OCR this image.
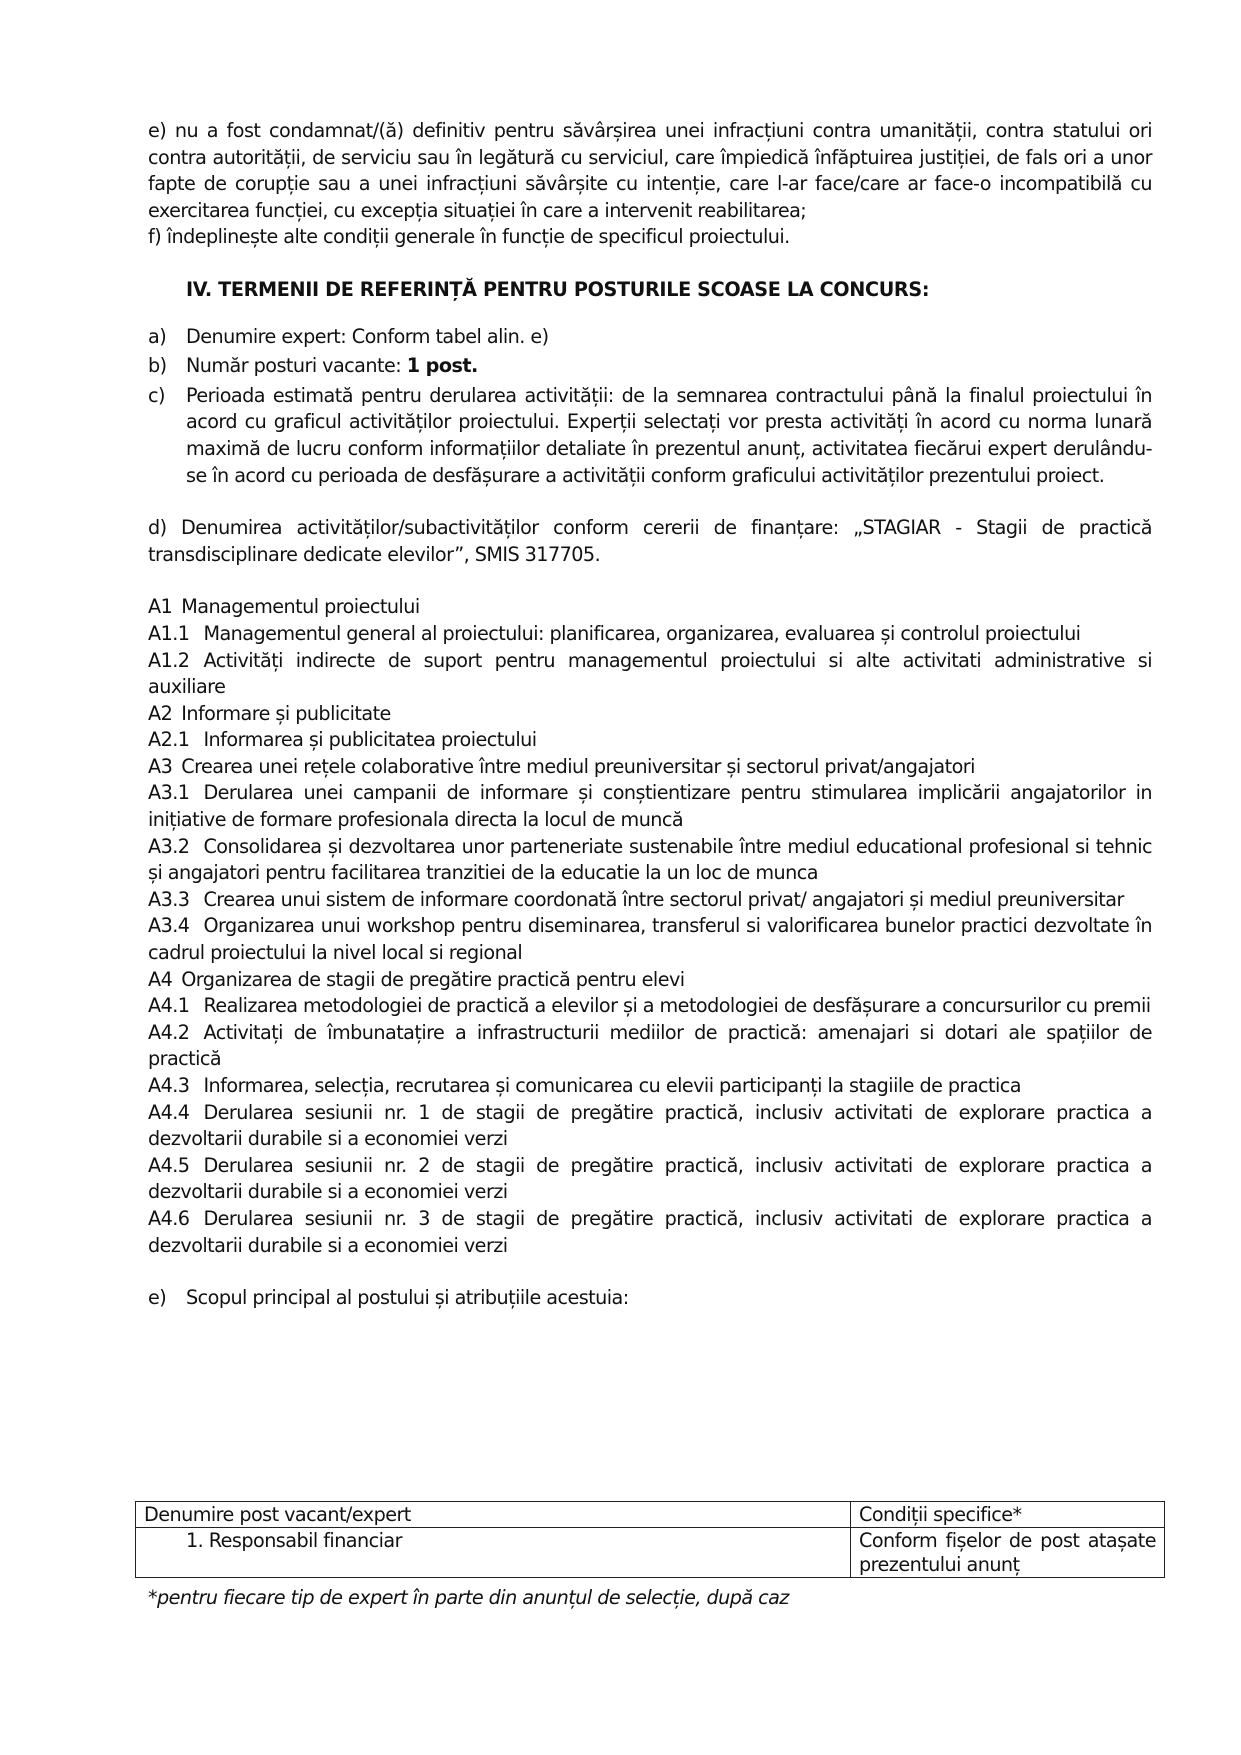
e) nu a fost condamnat/(ă) definitiv pentru săvârșirea unei infracțiuni contra umanității, contra statului ori contra autorității, de serviciu sau în legătură cu serviciul, care împiedică înfăptuirea justiției, de fals ori a unor fapte de corupție sau a unei infracțiuni săvârșite cu intenție, care l-ar face/care ar face-o incompatibilă cu exercitarea funcției, cu excepția situației în care a intervenit reabilitarea;

f) îndeplinește alte condiții generale în funcție de specificul proiectului.

IV. TERMENII DE REFERINȚĂ PENTRU POSTURILE SCOASE LA CONCURS:

a)	Denumire expert: Conform tabel alin. e)
b)	Număr posturi vacante: 1 post.
c)	Perioada estimată pentru derularea activității: de la semnarea contractului până la finalul proiectului în acord cu graficul activităților proiectului. Experții selectați vor presta activități în acord cu norma lunară maximă de lucru conform informațiilor detaliate în prezentul anunț, activitatea fiecărui expert derulându-se în acord cu perioada de desfășurare a activității conform graficului activităților prezentului proiect.

d) Denumirea activităților/subactivităților conform cererii de finanțare: „STAGIAR - Stagii de practică transdisciplinare dedicate elevilor”, SMIS 317705.

A1 Managementul proiectului

A1.1 Managementul general al proiectului: planificarea, organizarea, evaluarea și controlul proiectului

A1.2 Activități indirecte de suport pentru managementul proiectului si alte activitati administrative si auxiliare

A2 Informare și publicitate

A2.1 Informarea și publicitatea proiectului

A3 Crearea unei rețele colaborative între mediul preuniversitar și sectorul privat/angajatori

A3.1 Derularea unei campanii de informare și conștientizare pentru stimularea implicării angajatorilor in inițiative de formare profesionala directa la locul de muncă

A3.2 Consolidarea și dezvoltarea unor parteneriate sustenabile între mediul educational profesional si tehnic și angajatori pentru facilitarea tranzitiei de la educatie la un loc de munca

A3.3 Crearea unui sistem de informare coordonată între sectorul privat/ angajatori și mediul preuniversitar

A3.4 Organizarea unui workshop pentru diseminarea, transferul si valorificarea bunelor practici dezvoltate în cadrul proiectului la nivel local si regional

A4 Organizarea de stagii de pregătire practică pentru elevi

A4.1 Realizarea metodologiei de practică a elevilor și a metodologiei de desfășurare a concursurilor cu premii

A4.2 Activitați de îmbunatațire a infrastructurii mediilor de practică: amenajari si dotari ale spațiilor de practică

A4.3 Informarea, selecția, recrutarea și comunicarea cu elevii participanți la stagiile de practica

A4.4 Derularea sesiunii nr. 1 de stagii de pregătire practică, inclusiv activitati de explorare practica a dezvoltarii durabile si a economiei verzi

A4.5 Derularea sesiunii nr. 2 de stagii de pregătire practică, inclusiv activitati de explorare practica a dezvoltarii durabile si a economiei verzi

A4.6 Derularea sesiunii nr. 3 de stagii de pregătire practică, inclusiv activitati de explorare practica a dezvoltarii durabile si a economiei verzi

e) Scopul principal al postului și atribuțiile acestuia:

Denumire post vacant/expert	Condiții specifice*
1. Responsabil financiar	Conform fișelor de post atașate prezentului anunț
*pentru fiecare tip de expert în parte din anunțul de selecție, după caz
